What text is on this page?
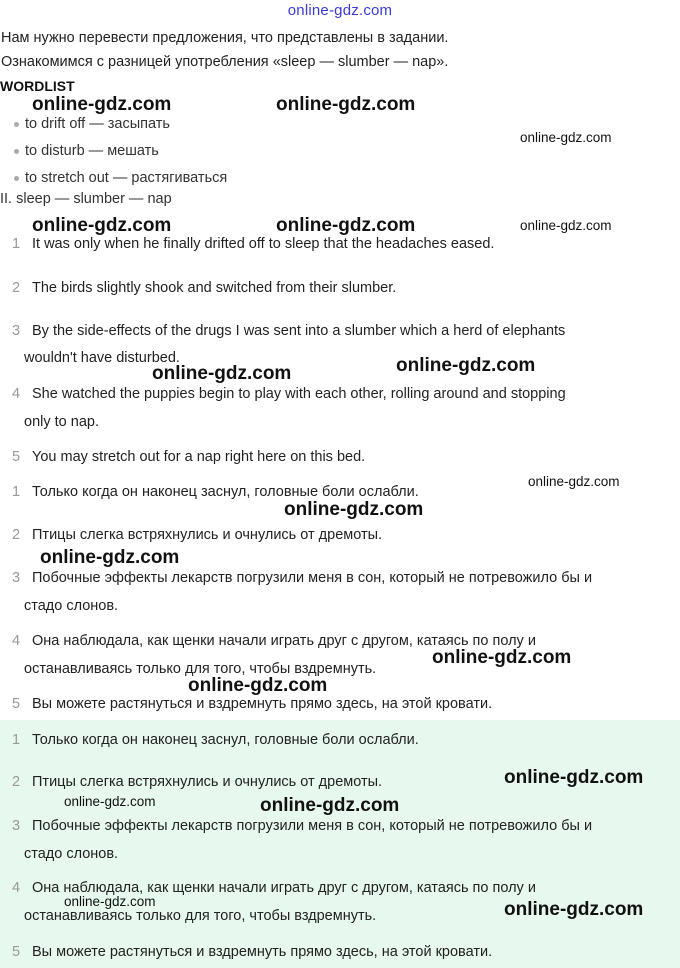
online-gdz.com
Нам нужно перевести предложения, что представлены в задании.
Ознакомимся с разницей употребления «sleep — slumber — nap».
WORDLIST
to drift off — засыпать
to disturb — мешать
to stretch out — растягиваться
II. sleep — slumber — nap
1 It was only when he finally drifted off to sleep that the headaches eased.
2 The birds slightly shook and switched from their slumber.
3 By the side-effects of the drugs I was sent into a slumber which a herd of elephants
wouldn't have disturbed.
4 She watched the puppies begin to play with each other, rolling around and stopping
only to nap.
5 You may stretch out for a nap right here on this bed.
1 Только когда он наконец заснул, головные боли ослабли.
2 Птицы слегка встряхнулись и очнулись от дремоты.
3 Побочные эффекты лекарств погрузили меня в сон, который не потревожило бы и
стадо слонов.
4 Она наблюдала, как щенки начали играть друг с другом, катаясь по полу и
останавливаясь только для того, чтобы вздремнуть.
5 Вы можете растянуться и вздремнуть прямо здесь, на этой кровати.
1 Только когда он наконец заснул, головные боли ослабли.
2 Птицы слегка встряхнулись и очнулись от дремоты.
3 Побочные эффекты лекарств погрузили меня в сон, который не потревожило бы и
стадо слонов.
4 Она наблюдала, как щенки начали играть друг с другом, катаясь по полу и
останавливаясь только для того, чтобы вздремнуть.
5 Вы можете растянуться и вздремнуть прямо здесь, на этой кровати.
online-gdz.com	online-gdz.com
online-gdz.com
online-gdz.com	online-gdz.com	online-gdz.com
online-gdz.com
online-gdz.com
online-gdz.com
online-gdz.com
online-gdz.com
online-gdz.com
online-gdz.com
online-gdz.com
online-gdz.com	online-gdz.com
online-gdz.com	online-gdz.com
